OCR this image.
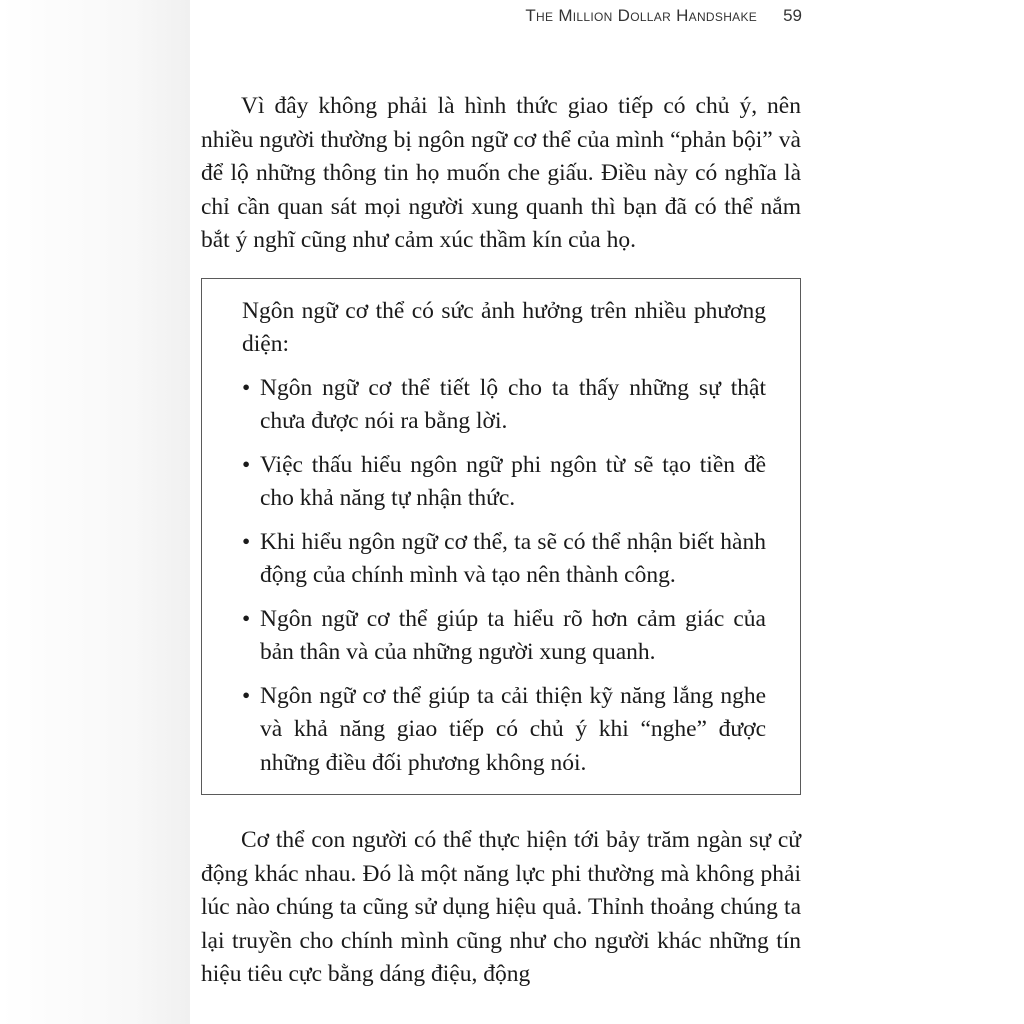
The Million Dollar Handshake 59

Vì đây không phải là hình thức giao tiếp có chủ ý, nên nhiều người thường bị ngôn ngữ cơ thể của mình “phản bội” và để lộ những thông tin họ muốn che giấu. Điều này có nghĩa là chỉ cần quan sát mọi người xung quanh thì bạn đã có thể nắm bắt ý nghĩ cũng như cảm xúc thầm kín của họ.

Ngôn ngữ cơ thể có sức ảnh hưởng trên nhiều phương diện:

• Ngôn ngữ cơ thể tiết lộ cho ta thấy những sự thật chưa được nói ra bằng lời.
• Việc thấu hiểu ngôn ngữ phi ngôn từ sẽ tạo tiền đề cho khả năng tự nhận thức.
• Khi hiểu ngôn ngữ cơ thể, ta sẽ có thể nhận biết hành động của chính mình và tạo nên thành công.
• Ngôn ngữ cơ thể giúp ta hiểu rõ hơn cảm giác của bản thân và của những người xung quanh.
• Ngôn ngữ cơ thể giúp ta cải thiện kỹ năng lắng nghe và khả năng giao tiếp có chủ ý khi “nghe” được những điều đối phương không nói.

Cơ thể con người có thể thực hiện tới bảy trăm ngàn sự cử động khác nhau. Đó là một năng lực phi thường mà không phải lúc nào chúng ta cũng sử dụng hiệu quả. Thỉnh thoảng chúng ta lại truyền cho chính mình cũng như cho người khác những tín hiệu tiêu cực bằng dáng điệu, động
